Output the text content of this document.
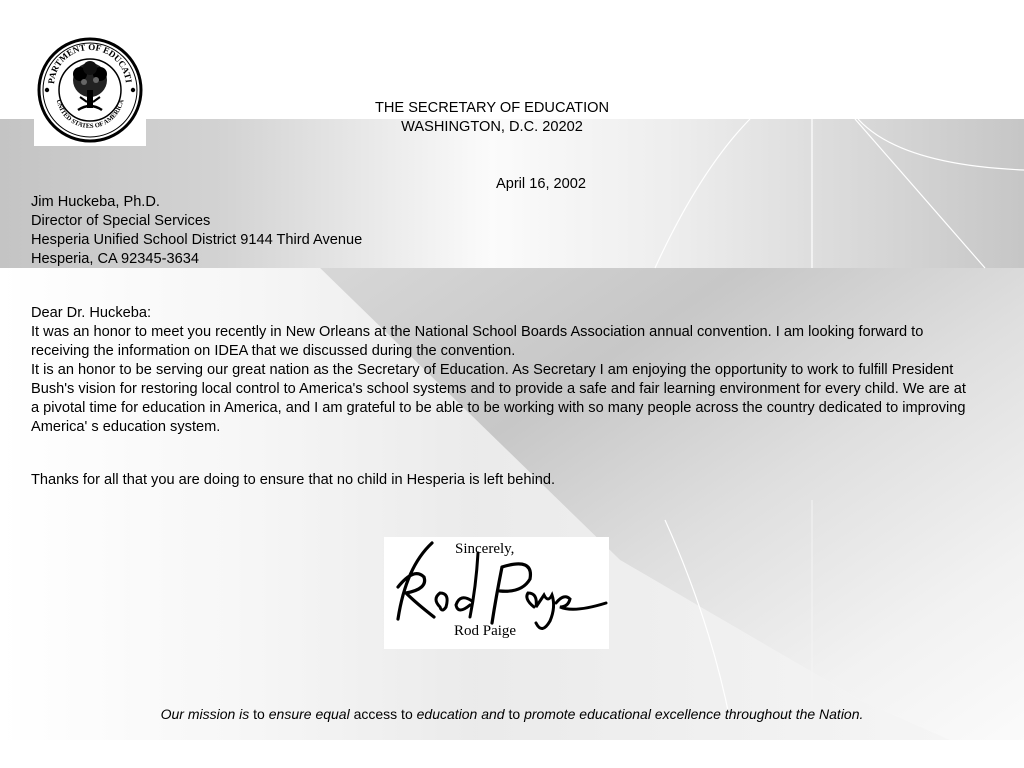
PARTMENT OF EDUCATI
UNITED STATES OF AMERICA	THE SECRETARY OF EDUCATION
WASHINGTON, D.C. 20202
April 16, 2002
Jim Huckeba, Ph.D.
Director of Special Services
Hesperia Unified School District 9144 Third Avenue
Hesperia, CA 92345-3634
Dear Dr. Huckeba:

It was an honor to meet you recently in New Orleans at the National School Boards Association annual convention. I am looking forward to receiving the information on IDEA that we discussed during the convention.

It is an honor to be serving our great nation as the Secretary of Education. As Secretary I am enjoying the opportunity to work to fulfill President Bush's vision for restoring local control to America's school systems and to provide a safe and fair learning environment for every child. We are at a pivotal time for education in America, and I am grateful to be able to be working with so many people across the country dedicated to improving America' s education system.

Thanks for all that you are doing to ensure that no child in Hesperia is left behind.
Sincerely,
Rod Paige
Rod Paige
Our mission is to ensure equal access to education and to promote educational excellence throughout the Nation.
